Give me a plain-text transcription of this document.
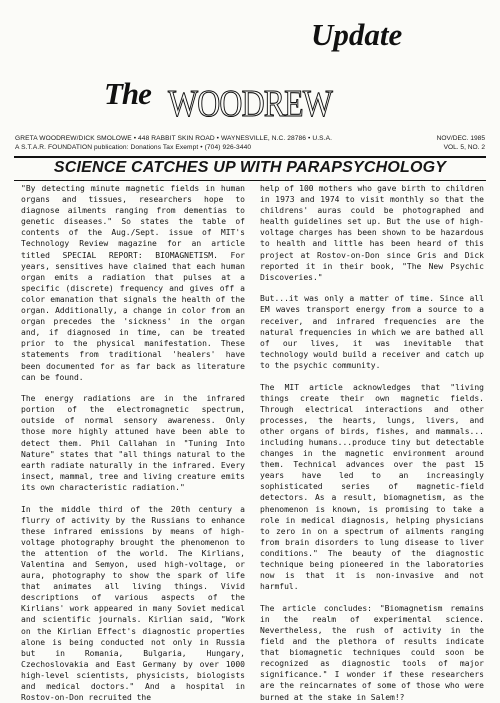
Update
The WOODREW
GRETA WOODREW/DICK SMOLOWE • 448 RABBIT SKIN ROAD • WAYNESVILLE, N.C. 28786 • U.S.A.
A S.T.A.R. FOUNDATION publication: Donations Tax Exempt • (704) 926-3440
NOV/DEC. 1985
VOL. 5, NO. 2
SCIENCE CATCHES UP WITH PARAPSYCHOLOGY

"By detecting minute magnetic fields in human organs and tissues, researchers hope to diagnose ailments ranging from dementias to genetic diseases." So states the table of contents of the Aug./Sept. issue of MIT's Technology Review magazine for an article titled SPECIAL REPORT: BIOMAGNETISM. For years, sensitives have claimed that each human organ emits a radiation that pulses at a specific (discrete) frequency and gives off a color emanation that signals the health of the organ. Additionally, a change in color from an organ precedes the 'sickness' in the organ and, if diagnosed in time, can be treated prior to the physical manifestation. These statements from traditional 'healers' have been documented for as far back as literature can be found.

The energy radiations are in the infrared portion of the electromagnetic spectrum, outside of normal sensory awareness. Only those more highly attuned have been able to detect them. Phil Callahan in "Tuning Into Nature" states that "all things natural to the earth radiate naturally in the infrared. Every insect, mammal, tree and living creature emits its own characteristic radiation."

In the middle third of the 20th century a flurry of activity by the Russians to enhance these infrared emissions by means of high-voltage photography brought the phenomenon to the attention of the world. The Kirlians, Valentina and Semyon, used high-voltage, or aura, photography to show the spark of life that animates all living things. Vivid descriptions of various aspects of the Kirlians' work appeared in many Soviet medical and scientific journals. Kirlian said, "Work on the Kirlian Effect's diagnostic properties alone is being conducted not only in Russia but in Romania, Bulgaria, Hungary, Czechoslovakia and East Germany by over 1000 high-level scientists, physicists, biologists and medical doctors." And a hospital in Rostov-on-Don recruited the

help of 100 mothers who gave birth to children in 1973 and 1974 to visit monthly so that the childrens' auras could be photographed and health guidelines set up. But the use of high-voltage charges has been shown to be hazardous to health and little has been heard of this project at Rostov-on-Don since Gris and Dick reported it in their book, "The New Psychic Discoveries."

But...it was only a matter of time. Since all EM waves transport energy from a source to a receiver, and infrared frequencies are the natural frequencies in which we are bathed all of our lives, it was inevitable that technology would build a receiver and catch up to the psychic community.

The MIT article acknowledges that "living things create their own magnetic fields. Through electrical interactions and other processes, the hearts, lungs, livers, and other organs of birds, fishes, and mammals... including humans...produce tiny but detectable changes in the magnetic environment around them. Technical advances over the past 15 years have led to an increasingly sophisticated series of magnetic-field detectors. As a result, biomagnetism, as the phenomenon is known, is promising to take a role in medical diagnosis, helping physicians to zero in on a spectrum of ailments ranging from brain disorders to lung disease to liver conditions." The beauty of the diagnostic technique being pioneered in the laboratories now is that it is non-invasive and not harmful.

The article concludes: "Biomagnetism remains in the realm of experimental science. Nevertheless, the rush of activity in the field and the plethora of results indicate that biomagnetic techniques could soon be recognized as diagnostic tools of major significance." I wonder if these researchers are the reincarnates of some of those who were burned at the stake in Salem!?
